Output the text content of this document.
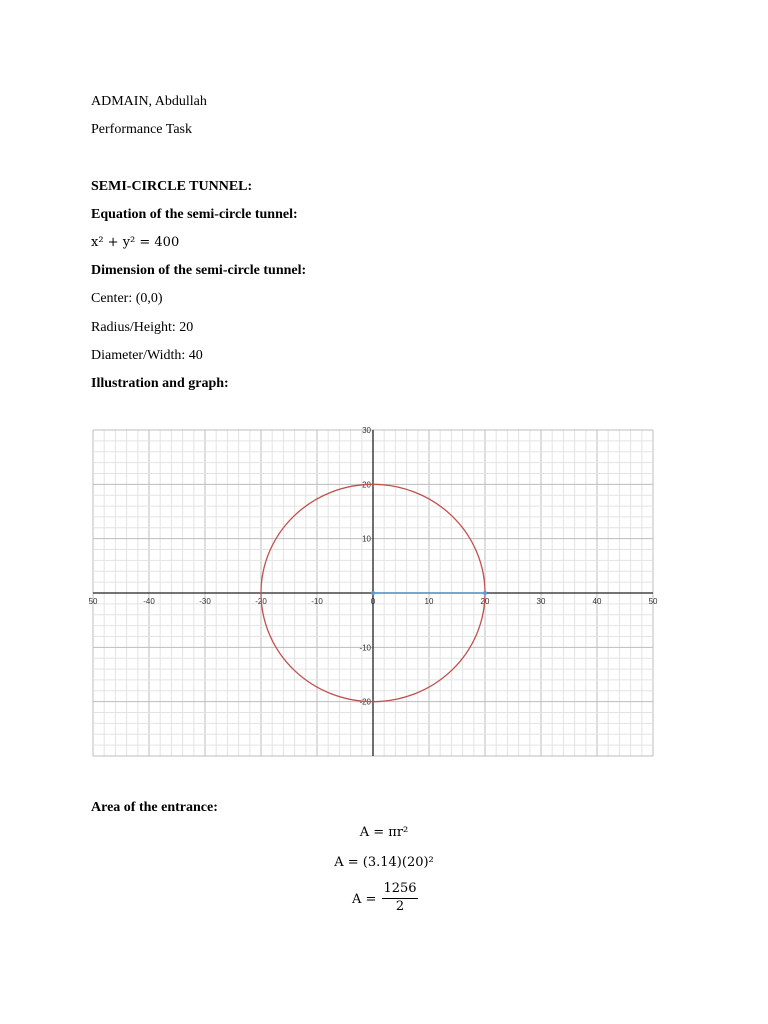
ADMAIN, Abdullah
Performance Task
SEMI-CIRCLE TUNNEL:
Equation of the semi-circle tunnel:
x² + y² = 400
Dimension of the semi-circle tunnel:
Center: (0,0)
Radius/Height: 20
Diameter/Width: 40
Illustration and graph:
50	-40	-30	-20	-10	0	10	20	30	40	50
30
20
10
-10
-20
Area of the entrance:
A = πr²
A = (3.14)(20)²
$A = \frac{1256}{2}$
